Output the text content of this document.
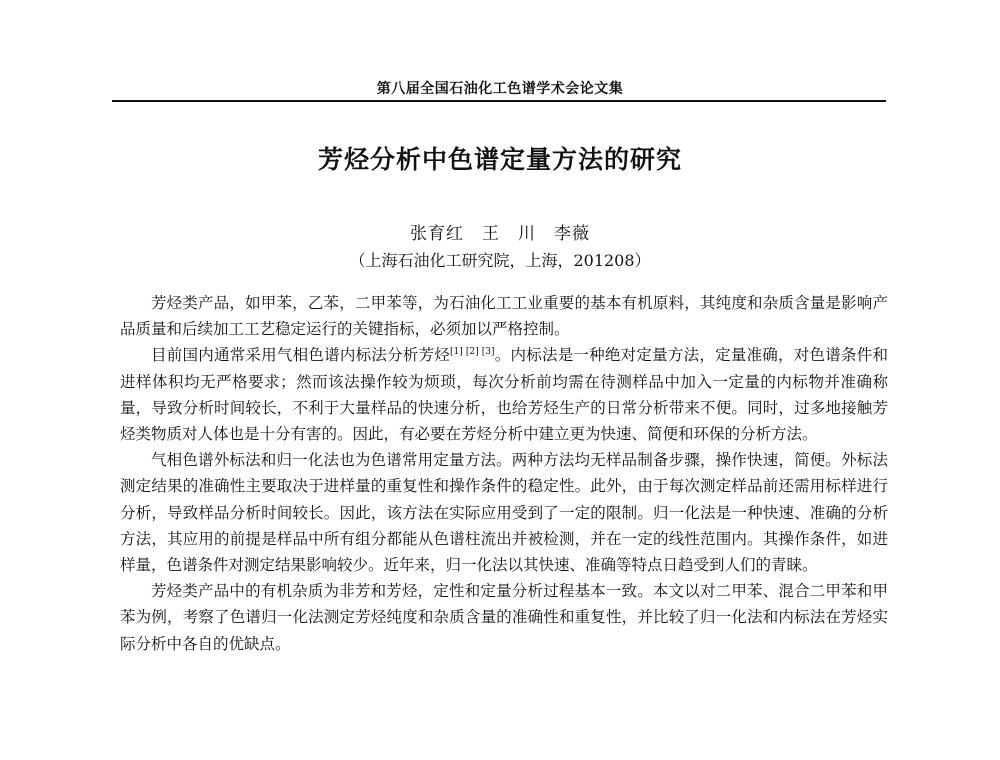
第八届全国石油化工色谱学术会论文集
芳烃分析中色谱定量方法的研究
张育红　王　川　李薇
（上海石油化工研究院，上海，201208）

芳烃类产品，如甲苯，乙苯，二甲苯等，为石油化工工业重要的基本有机原料，其纯度和杂质含量是影响产品质量和后续加工工艺稳定运行的关键指标，必须加以严格控制。

目前国内通常采用气相色谱内标法分析芳烃[1] [2] [3]。内标法是一种绝对定量方法，定量准确，对色谱条件和进样体积均无严格要求；然而该法操作较为烦琐，每次分析前均需在待测样品中加入一定量的内标物并准确称量，导致分析时间较长，不利于大量样品的快速分析，也给芳烃生产的日常分析带来不便。同时，过多地接触芳烃类物质对人体也是十分有害的。因此，有必要在芳烃分析中建立更为快速、简便和环保的分析方法。

气相色谱外标法和归一化法也为色谱常用定量方法。两种方法均无样品制备步骤，操作快速，简便。外标法测定结果的准确性主要取决于进样量的重复性和操作条件的稳定性。此外，由于每次测定样品前还需用标样进行分析，导致样品分析时间较长。因此，该方法在实际应用受到了一定的限制。归一化法是一种快速、准确的分析方法，其应用的前提是样品中所有组分都能从色谱柱流出并被检测，并在一定的线性范围内。其操作条件，如进样量，色谱条件对测定结果影响较少。近年来，归一化法以其快速、准确等特点日趋受到人们的青睐。

芳烃类产品中的有机杂质为非芳和芳烃，定性和定量分析过程基本一致。本文以对二甲苯、混合二甲苯和甲苯为例，考察了色谱归一化法测定芳烃纯度和杂质含量的准确性和重复性，并比较了归一化法和内标法在芳烃实际分析中各自的优缺点。
